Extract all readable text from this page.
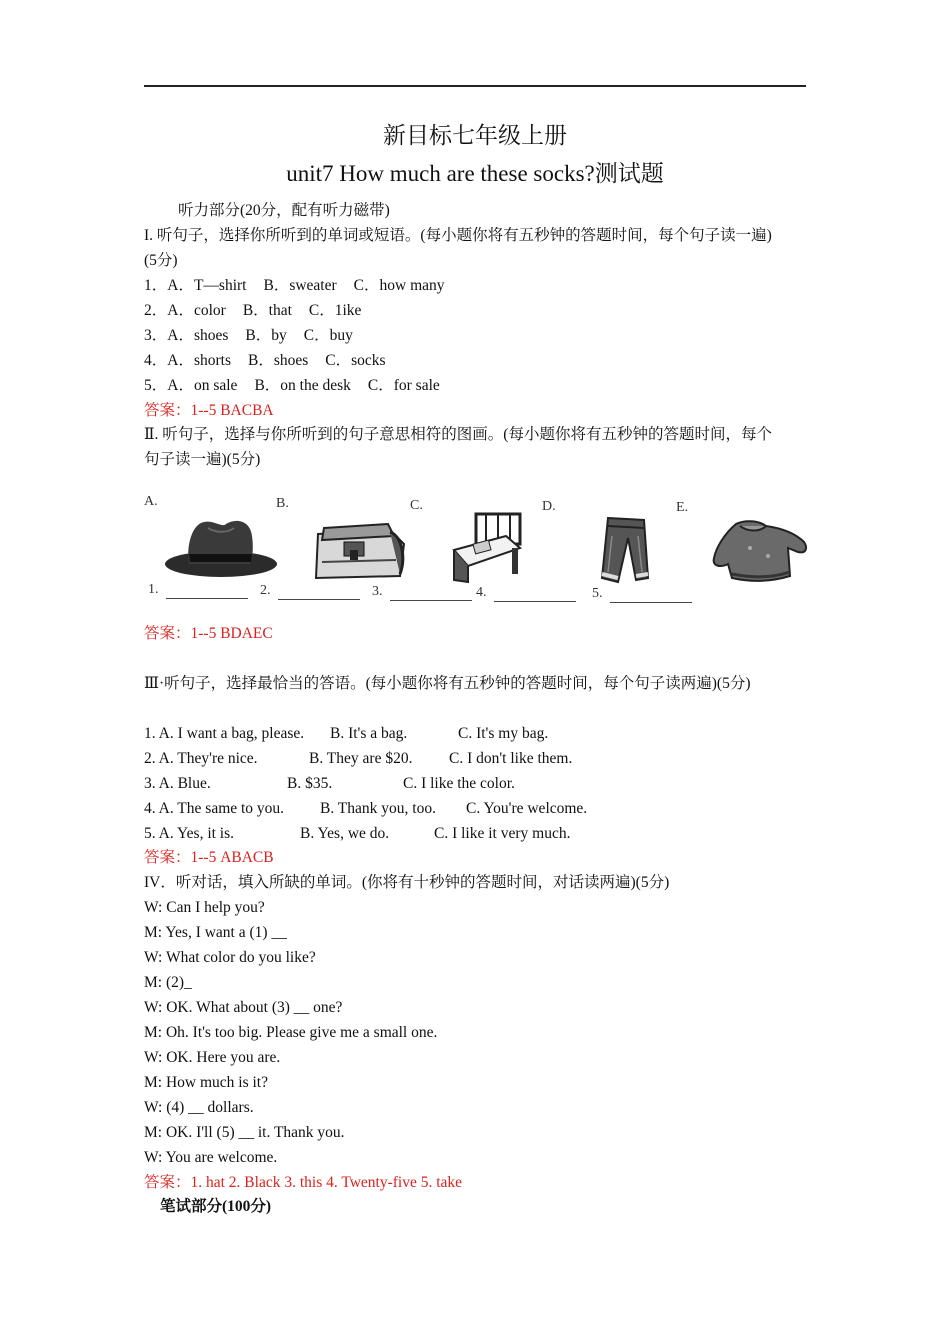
新目标七年级上册
unit7 How much are these socks?测试题
听力部分(20分，配有听力磁带)
I. 听句子，选择你所听到的单词或短语。(每小题你将有五秒钟的答题时间，每个句子读一遍)
(5分)
1．A．T—shirt B．sweater C．how many
2．A．color B．that C．1ike
3．A．shoes B．by C．buy
4．A．shorts B．shoes C．socks
5．A．on sale B．on the desk C．for sale
答案：1--5 BACBA
Ⅱ. 听句子，选择与你所听到的句子意思相符的图画。(每小题你将有五秒钟的答题时间，每个
句子读一遍)(5分)
A.	B.	C.	D.	E.
1.	2.	3.	4.	5.
答案：1--5 BDAEC
Ⅲ·听句子，选择最恰当的答语。(每小题你将有五秒钟的答题时间，每个句子读两遍)(5分)
1. A. I want a bag, please. B. It's a bag.	C. It's my bag.
2. A. They're nice.	B. They are $20. C. I don't like them.
3. A. Blue.	B. $35.	C. I like the color.
4. A. The same to you. B. Thank you, too. C. You're welcome.
5. A. Yes, it is.	B. Yes, we do.	C. I like it very much.
答案：1--5 ABACB
IV．听对话，填入所缺的单词。(你将有十秒钟的答题时间，对话读两遍)(5分)
W: Can I help you?
M: Yes, I want a (1) __
W: What color do you like?
M: (2)_
W: OK. What about (3) __ one?
M: Oh. It's too big. Please give me a small one.
W: OK. Here you are.
M: How much is it?
W: (4) __ dollars.
M: OK. I'll (5) __ it. Thank you.
W: You are welcome.
答案：1. hat 2. Black 3. this 4. Twenty-five 5. take
笔试部分(100分)
